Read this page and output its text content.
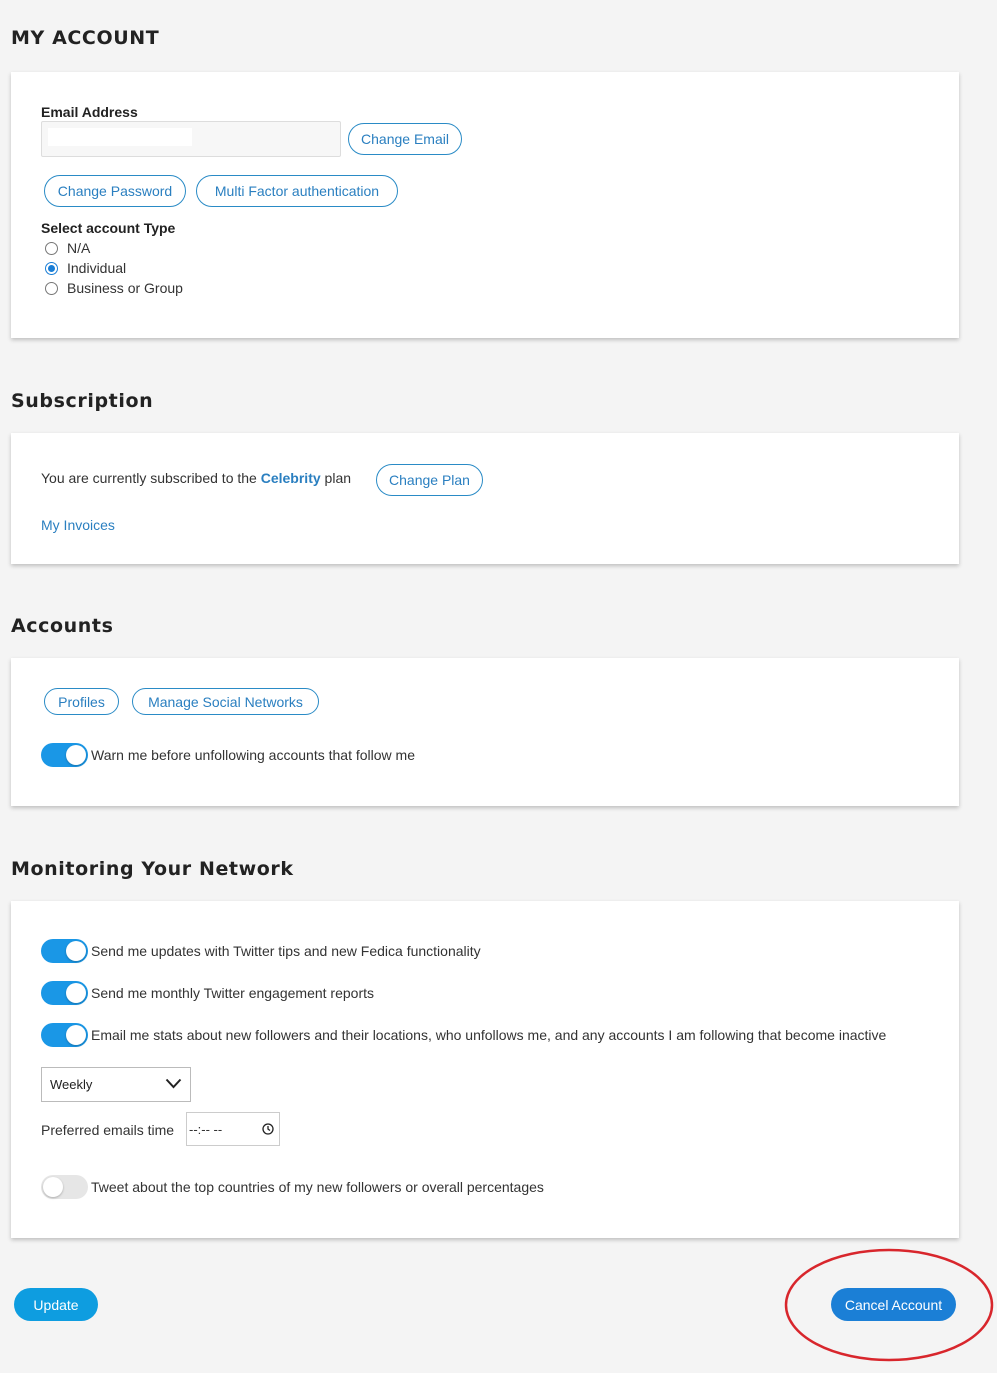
MY ACCOUNT
Email Address
Change Email
Change Password	Multi Factor authentication
Select account Type
N/A
Individual
Business or Group
Subscription
You are currently subscribed to the Celebrity plan	Change Plan
My Invoices
Accounts
Profiles	Manage Social Networks
Warn me before unfollowing accounts that follow me
Monitoring Your Network
Send me updates with Twitter tips and new Fedica functionality
Send me monthly Twitter engagement reports
Email me stats about new followers and their locations, who unfollows me, and any accounts I am following that become inactive
Weekly
Preferred emails time --:-- --
Tweet about the top countries of my new followers or overall percentages
Update	Cancel Account
